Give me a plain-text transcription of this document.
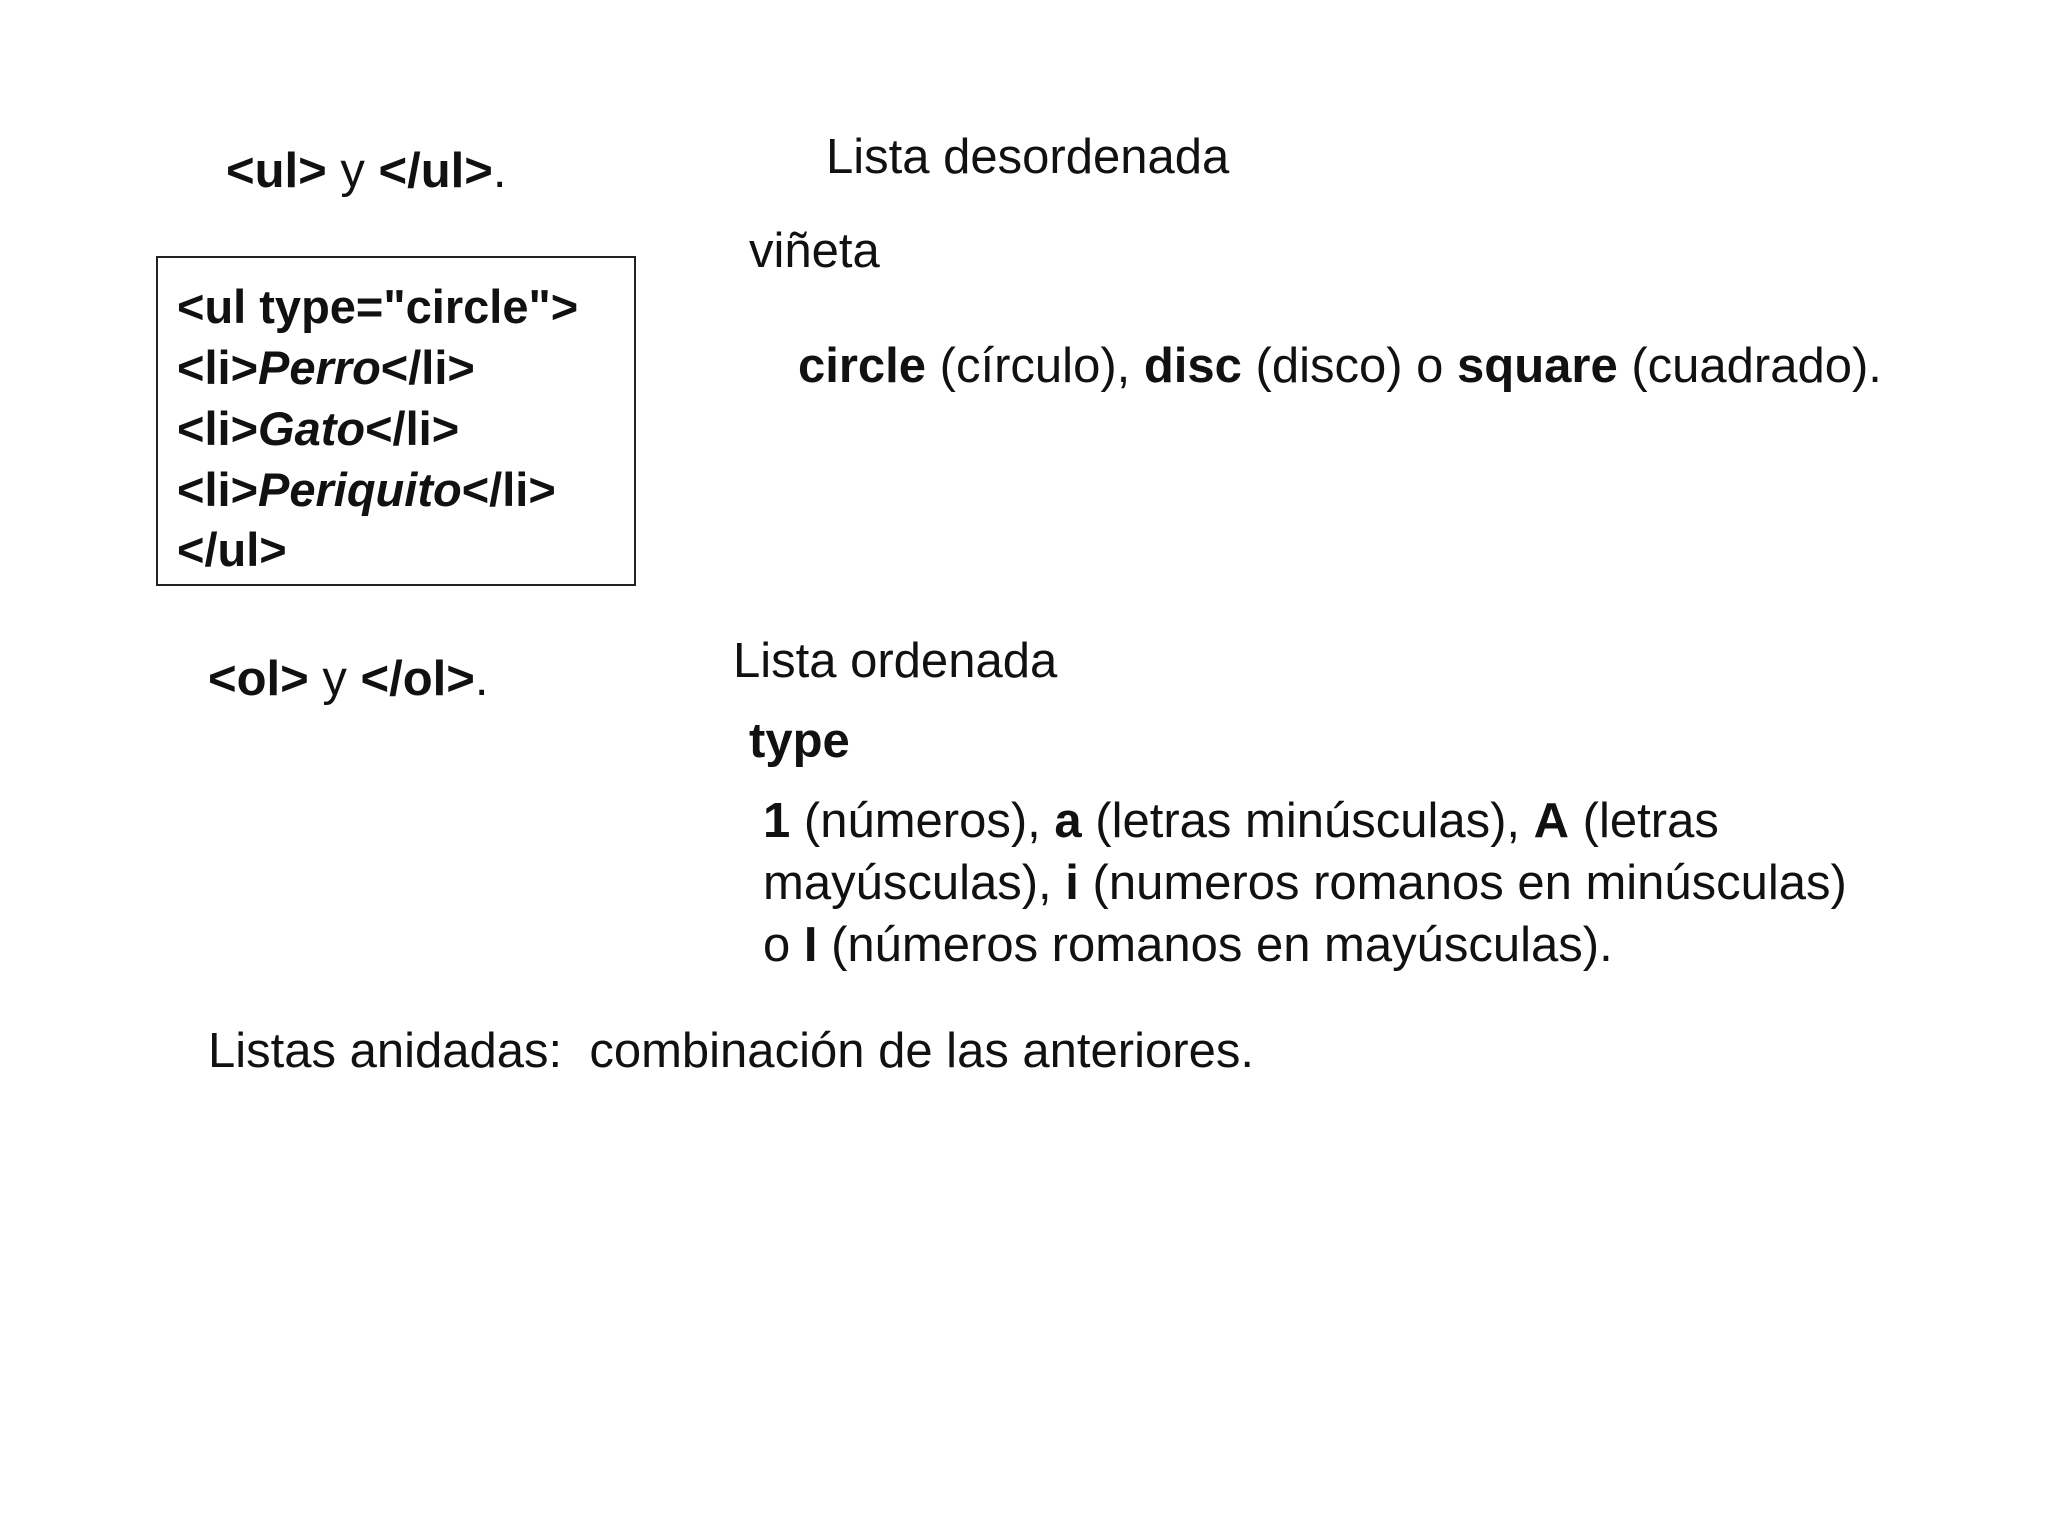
<ul> y </ul>.	Lista desordenada
viñeta
<ul type="circle">
<li>Perro</li>
<li>Gato</li>
<li>Periquito</li>
</ul>
circle (círculo), disc (disco) o square (cuadrado).
<ol> y </ol>.	Lista ordenada
type
1 (números), a (letras minúsculas), A (letras
mayúsculas), i (numeros romanos en minúsculas)
o I (números romanos en mayúsculas).
Listas anidadas:  combinación de las anteriores.
